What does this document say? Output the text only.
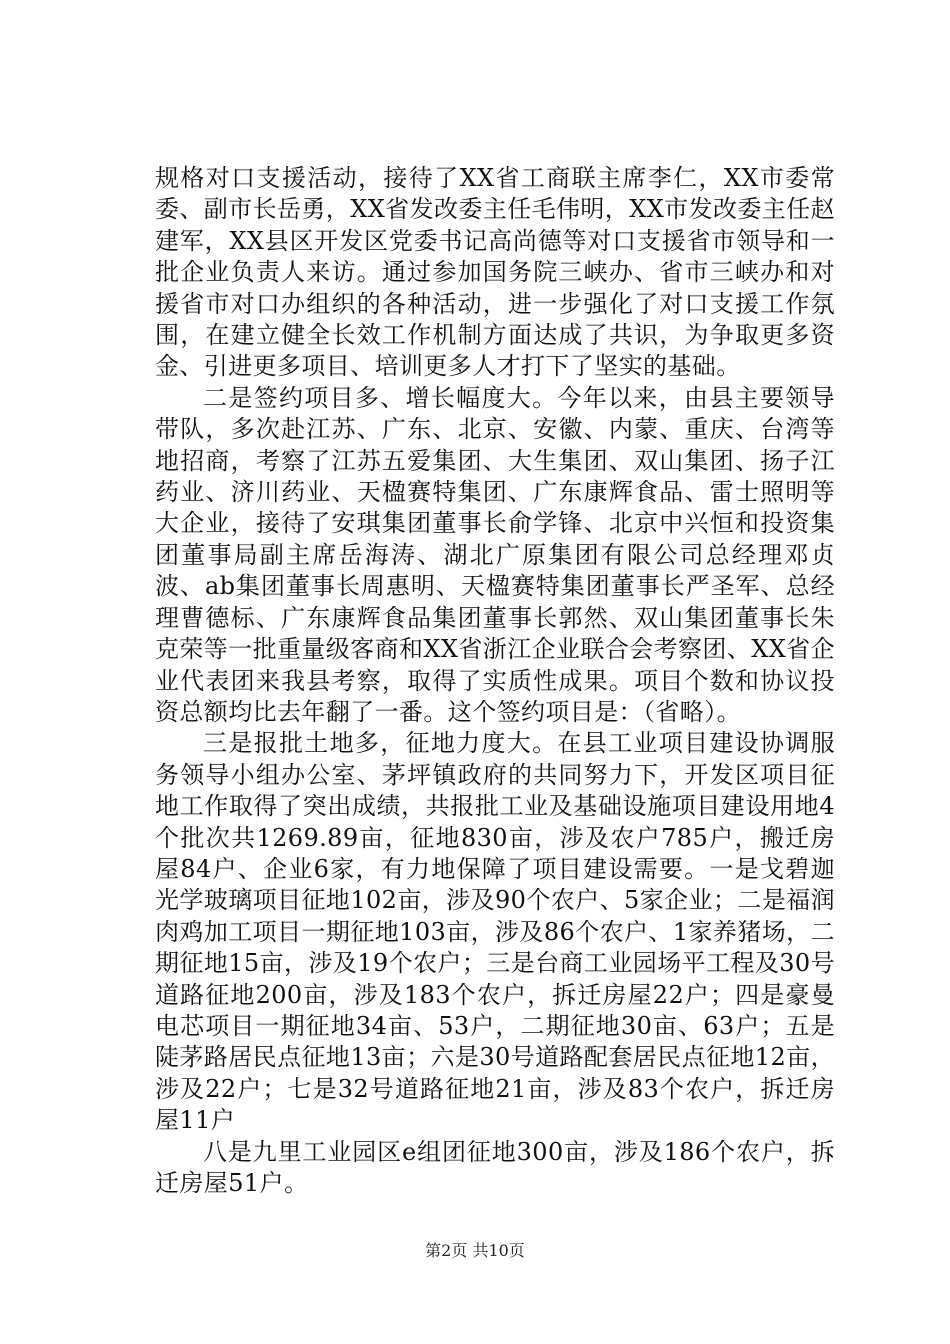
规格对口支援活动，接待了XX省工商联主席李仁，XX市委常委、副市长岳勇，XX省发改委主任毛伟明，XX市发改委主任赵建军，XX县区开发区党委书记高尚德等对口支援省市领导和一批企业负责人来访。通过参加国务院三峡办、省市三峡办和对援省市对口办组织的各种活动，进一步强化了对口支援工作氛围，在建立健全长效工作机制方面达成了共识，为争取更多资金、引进更多项目、培训更多人才打下了坚实的基础。

二是签约项目多、增长幅度大。今年以来，由县主要领导带队，多次赴江苏、广东、北京、安徽、内蒙、重庆、台湾等地招商，考察了江苏五爱集团、大生集团、双山集团、扬子江药业、济川药业、天楹赛特集团、广东康辉食品、雷士照明等大企业，接待了安琪集团董事长俞学锋、北京中兴恒和投资集团董事局副主席岳海涛、湖北广原集团有限公司总经理邓贞波、ab集团董事长周惠明、天楹赛特集团董事长严圣军、总经理曹德标、广东康辉食品集团董事长郭然、双山集团董事长朱克荣等一批重量级客商和XX省浙江企业联合会考察团、XX省企业代表团来我县考察，取得了实质性成果。项目个数和协议投资总额均比去年翻了一番。这个签约项目是：（省略）。

三是报批土地多，征地力度大。在县工业项目建设协调服务领导小组办公室、茅坪镇政府的共同努力下，开发区项目征地工作取得了突出成绩，共报批工业及基础设施项目建设用地4个批次共1269.89亩，征地830亩，涉及农户785户，搬迁房屋84户、企业6家，有力地保障了项目建设需要。一是戈碧迦光学玻璃项目征地102亩，涉及90个农户、5家企业；二是福润肉鸡加工项目一期征地103亩，涉及86个农户、1家养猪场，二期征地15亩，涉及19个农户；三是台商工业园场平工程及30号道路征地200亩，涉及183个农户，拆迁房屋22户；四是豪曼电芯项目一期征地34亩、53户，二期征地30亩、63户；五是陡茅路居民点征地13亩；六是30号道路配套居民点征地12亩，涉及22户；七是32号道路征地21亩，涉及83个农户，拆迁房屋11户

八是九里工业园区e组团征地300亩，涉及186个农户，拆迁房屋51户。

第2页 共10页
